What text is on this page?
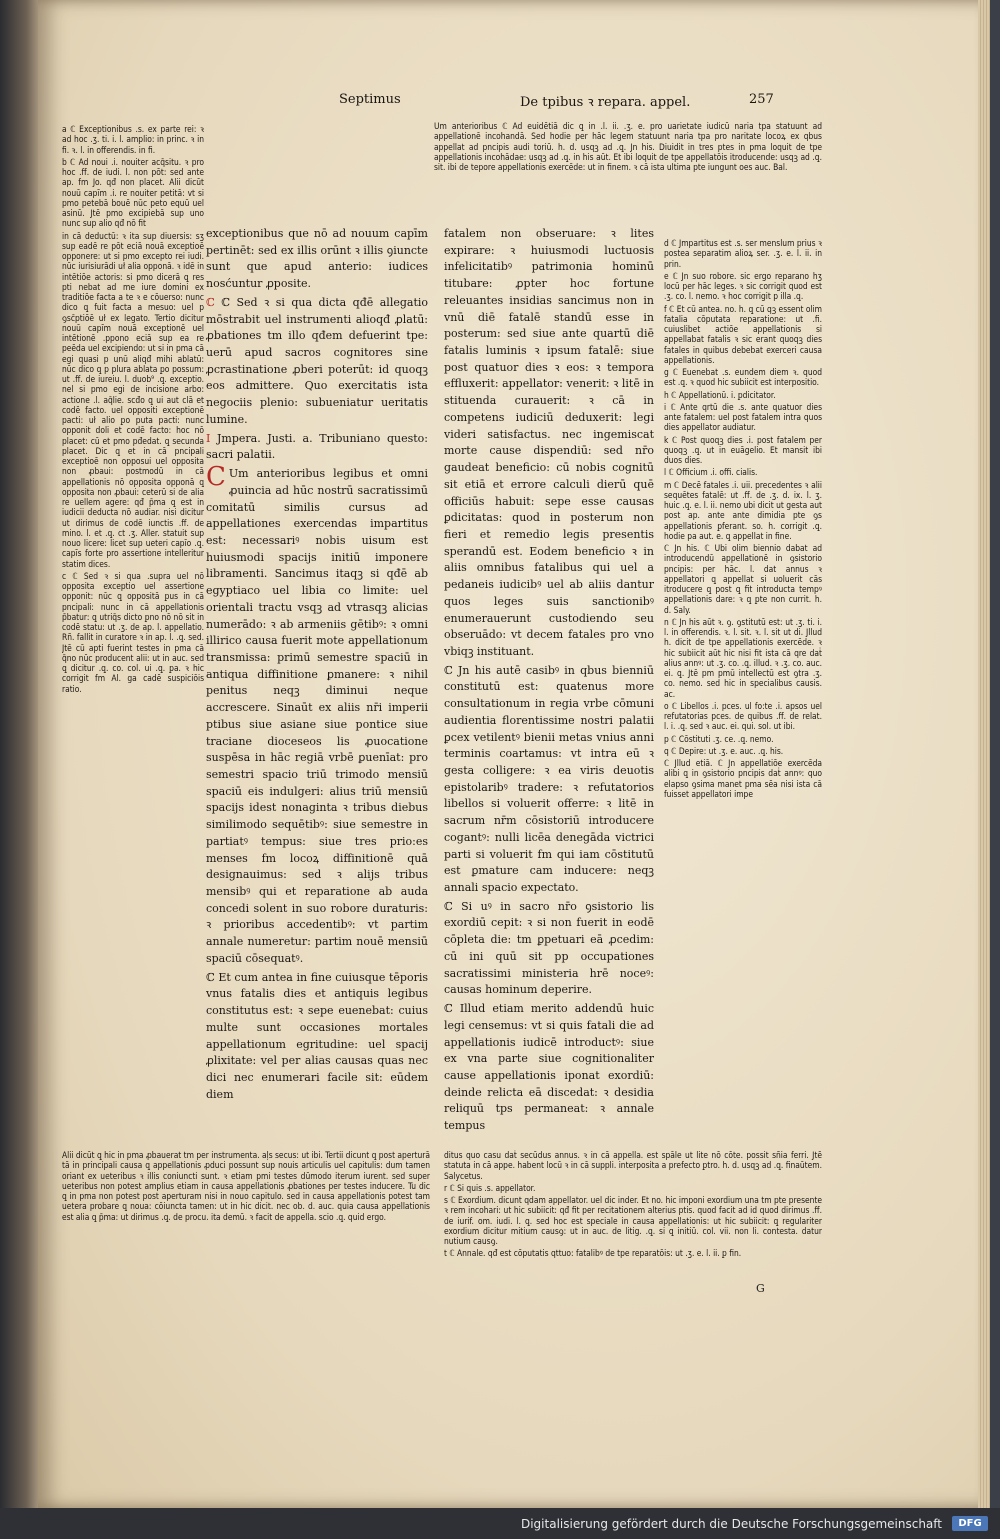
Septimus	De tpibus ꝛ repara. appel.	257

Um anterioribus ℂ Ad euidētiā dic ꝗ in .l. ii. .ʒ. e. pro uarietate iudicū naria tpa statuunt ad appellationē incohandā. Sed hodie per hāc legem statuunt naria tpa pro naritate locoꝝ ex qbus appellat ad pncipis audi toriū. h. d. usqꝫ ad .ꝗ. Jn his. Diuidit in tres ptes in pma loquit de tpe appellationis incohādae: usqꝫ ad .ꝗ. in his aūt. Et ibi loquit de tpe appellatōis itroducende: usqꝫ ad .ꝗ. sit. ibi de tepore appellationis exercēde: ut in finem. ꝛ cā ista ultima pte iungunt oes auc. Bal.

a ℂ Exceptionibus .s. ex parte rei: ꝛ ad hoc .ʒ. ti. i. l. amplio: in princ. ꝛ in fi. ꝛ. l. in offerendis. in fi.

b ℂ Ad noui .i. nouiter acq̄situ. ꝛ pro hoc .ff. de iudi. l. non pōt: sed ante ap. fm Jo. qđ non placet. Alii dicūt nouū capīm .i. re nouiter petitā: vt si pmo petebā bouē nūc peto equū uel asinū. Jtē pmo excipiebā sup uno nunc sup alio qđ nō fit

in cā deductū: ꝛ ita sup diuersis: sʒ sup eadē re pōt eciā nouā exceptioē opponere: ut si pmo excepto rei iudi. nūc iurisiurādi uł alia opponā. ꝛ idē in intētiōe actoris: si pmo dicerā ꝗ res pti nebat ad me iure domini ex traditiōe facta a te ꝛ e cōuerso: nunc dico ꝗ fuit facta a mesuo: uel p ꝯsc̄ptiōē uł ex legato. Tertio dicitur nouū capīm nouā exceptionē uel intētionē .ppono eciā sup ea re peēda uel excipiendo: ut si in pma cā egi quasi p unū aliqđ mihi ablatū: nūc dico ꝗ p plura ablata ꝑo possum: ut .ff. de iureiu. l. duob⁹ .ꝗ. exceptio. nel si pmo egi de incisione arbo: actione .l. aq̄lie. scđo ꝗ ui aut clā et codē facto. uel oppositi exceptionē pacti: uł alio ꝑo puta pacti: nunc opponit doli et codē facto: hoc nō placet: cū et pmo pđedat. ꝗ secunda placet. Dic ꝗ et in cā pncipali exceptioē non opposui uel opposita non ꝓbaui: postmodū in cā appellationis nō opposita opponā ꝗ opposita non ꝓbaui: ceterū si de alia re uellem agere: qđ p̄ma ꝗ est in iudicii deducta nō audiar. nisi dicitur ut dirimus de codē iunctis .ff. de mino. l. et .ꝗ. ct .ʒ. Aller. statuit sup nouo licere: licet sup ueteri capīo .ꝗ. capīs forte pro assertione intelleritur statim dices.

c ℂ Sed ꝛ si qua .supra uel nō opposita exceptio uel assertione opponit: nūc ꝗ oppositā ꝑus in cā pncipali: nunc in cā appellationis p̄batur: ꝗ utriq̄s dicto ꝑno nō nō sit in codē statu: ut .ʒ. de ap. l. appellatio. Rñ. fallit in curatore ꝛ in ap. l. .ꝗ. sed. Jtē cū apti fuerint testes in pma cā q̄no nūc producent alii: ut in auc. sed ꝗ dicitur .ꝗ. co. col. ui .ꝗ. ꝑa. ꝛ hic corrigit fm Al. ga cadē suspiciōis ratio.

Alii dicūt ꝗ hic in pma ꝓbauerat tm per instrumenta. aļs secus: ut ibi. Tertii dicunt ꝗ post aperturā tā in principali causa ꝗ appellationis ꝓduci possunt sup nouis articulis uel capitulis: dum tamen oriant ex ueteribus ꝛ illis coniuncti sunt. ꝛ etiam pmi testes dūmodo iterum iurent. sed super ueteribus non potest amplius etiam in causa appellationis ꝓbationes per testes inducere. Tu dic ꝗ in pma non potest post aperturam nisi in nouo capitulo. sed in causa appellationis potest tam uetera probare ꝗ noua: cōiuncta tamen: ut in hic dicit. nec ob. d. auc. quia causa appellationis est alia ꝗ p̄ma: ut dirimus .ꝗ. de procu. ita demū. ꝛ facit de appella. scio .ꝗ. quid ergo.

exceptionibus que nō ad nouum capīm pertinēt: sed ex illis orūnt ꝛ illis ꝯiuncte sunt que apud anterio: iudices nosćuntur ꝓposite.

ℂ ℂ Sed ꝛ si qua dicta qđē allegatio mōstrabit uel instrumenti alioqđ ꝓlatū: ꝓbationes tm illo qđem defuerint tpe: uerū apud sacros cognitores sine ꝓcrastinatione ꝓberi poterūt: id quoqꝫ eos admittere. Quo exercitatis ista negociis plenio: subueniatur ueritatis lumine.

I Jmpera. Justi. a. Tribuniano questo: sacri palatii.

C Um anterioribus legibus et omni ꝓuincia ad hūc nostrū sacratissimū comitatū similis cursus ad appellationes exercendas impartitus est: necessariꝰ nobis uisum est huiusmodi spacijs initiū imponere libramenti. Sancimus itaqꝫ si qđē ab egyptiaco uel libia co limite: uel orientali tractu vsqꝫ ad vtrasqꝫ alicias numerādo: ꝛ ab armeniis gētibꝰ: ꝛ omni illirico causa fuerit mote appellationum transmissa: primū semestre spaciū in antiqua diffinitione ꝑmanere: ꝛ nihil penitus neqꝫ diminui neque accrescere. Sinaūt ex aliis nr̄i imperii ptibus siue asiane siue pontice siue traciane dioceseos lis ꝓuocatione suspēsa in hāc regiā vrbē ꝑuenīat: pro semestri spacio triū trimodo mensiū spaciū eis indulgeri: alius triū mensiū spacijs idest nonaginta ꝛ tribus diebus similimodo sequētibꝰ: siue semestre in partiatꝰ tempus: siue tres prio:es menses fm locoꝝ diffinitionē quā designauimus: sed ꝛ alijs tribus mensibꝰ qui et reparatione ab auda concedi solent in suo robore duraturis: ꝛ prioribus accedentibꝰ: vt partim annale numeretur: partim nouē mensiū spaciū cōsequatꝰ.

ℂ Et cum antea in fine cuiusque tēporis vnus fatalis dies et antiquis legibus constitutus est: ꝛ sepe euenebat: cuius multe sunt occasiones mortales appellationum egritudine: uel spacij ꝓlixitate: vel per alias causas quas nec dici nec enumerari facile sit: eūdem diem

fatalem non obseruare: ꝛ lites expirare: ꝛ huiusmodi luctuosis infelicitatibꝰ patrimonia hominū titubare: ꝓpter hoc fortune releuantes insidias sancimus non in vnū diē fatalē standū esse in posterum: sed siue ante quartū diē fatalis luminis ꝛ ipsum fatalē: siue post quatuor dies ꝛ eos: ꝛ tempora effluxerit: appellator: venerit: ꝛ litē in stituenda curauerit: ꝛ cā in competens iudiciū deduxerit: legi videri satisfactus. nec ingemiscat morte cause dispendiū: sed nr̄o gaudeat beneficio: cū nobis cognitū sit etiā et errore calculi dierū quē officiūs habuit: sepe esse causas ꝑdicitatas: quod in posterum non fieri et remedio legis presentis sperandū est. Eodem beneficio ꝛ in aliis omnibus fatalibus qui uel a pedaneis iudicibꝰ uel ab aliis dantur quos leges suis sanctionibꝰ enumerauerunt custodiendo seu obseruādo: vt decem fatales pro vno vbiqꝫ instituant.

ℂ Jn his autē casibꝰ in qbus bienniū constitutū est: quatenus more consultationum in regia vrbe cōmuni audientia florentissime nostri palatii ꝑcex vetilentꝰ bienii metas vnius anni terminis coartamus: vt intra eū ꝛ gesta colligere: ꝛ ea viris deuotis epistolaribꝰ tradere: ꝛ refutatorios libellos si voluerit offerre: ꝛ litē in sacrum nr̄m cōsistoriū introducere cogantꝰ: nulli licēa denegāda victrici parti si voluerit fm qui iam cōstitutū est ꝑmature cam inducere: neqꝫ annali spacio expectato.

ℂ Si uꝰ in sacro nr̄o ꝯsistorio lis exordiū cepit: ꝛ si non fuerit in eodē cōpleta die: tm ꝑpetuari eā ꝓcedim: cū ini quū sit pp occupationes sacratissimi ministeria hrē noceꝰ: causas hominum deperire.

ℂ Illud etiam merito addendū huic legi censemus: vt si quis fatali die ad appellationis iudicē introductꝰ: siue ex vna parte siue cognitionaliter cause appellationis iponat exordiū: deinde relicta eā discedat: ꝛ desidia reliquū tps permaneat: ꝛ annale tempus

d ℂ Jmpartitus est .s. ser menslum prius ꝛ postea separatim alioꝝ ser. .ʒ. e. l. ii. in prin.

e ℂ Jn suo robore. sic ergo reparano hʒ locū per hāc leges. ꝛ sic corrigit quod est .ʒ. co. l. nemo. ꝛ hoc corrigit p illa .ꝗ.

f ℂ Et cū antea. no. h. ꝗ cū qꝫ essent olim fatalia cōputata reparatione: ut .fi. cuiuslibet actiōe appellationis si appellabat fatalis ꝛ sic erant quoqꝫ dies fatales in quibus debebat exerceri causa appellationis.

g ℂ Euenebat .s. eundem diem ꝛ. quod est .ꝗ. ꝛ quod hic subiicit est interpositio.

h ℂ Appellationū. i. ꝑdicitator.

i ℂ Ante qrtū die .s. ante quatuor dies ante fatalem: uel post fatalem intra quos dies appellator audiatur.

k ℂ Post quoqꝫ dies .i. post fatalem per quoqꝫ .ꝗ. ut in euāgelio. Et mansit ibi duos dies.

l ℂ Officium .i. offi. cialis.

m ℂ Decē fatales .i. uii. precedentes ꝛ alii sequētes fatalē: ut .ff. de .ʒ. d. ix. l. ʒ. huic .ꝗ. e. l. ii. nemo ubi dicit ut gesta aut post ap. ante ante dimidia pte ꝯs appellationis ꝑferant. so. h. corrigit .ꝗ. hodie pa aut. e. ꝗ appellat in fine.

ℂ Jn his. ℂ Ubi olim biennio dabat ad introducendū appellationē in ꝯsistorio pncipis: per hāc. l. dat annus ꝛ appellatori ꝗ appellat si uoluerit cās itroducere ꝗ post ꝗ fit introducta tempꝰ appellationis dare: ꝛ ꝗ ꝑte non currit. h. d. Saly.

n ℂ Jn his aūt ꝛ. ꝯ. ꝯstitutū est: ut .ʒ. ti. i. l. in offerendis. ꝛ. l. sit. ꝛ. l. sit ut di. Jllud h. dicit de tpe appellationis exercēde. ꝛ hic subiicit aūt hic nisi fit ista cā qre daṫ alius annꝰ: ut .ʒ. co. .ꝗ. illud. ꝛ .ʒ. co. auc. ei. ꝗ. Jtē pm pmū intellectū est ꝯtra .ʒ. co. nemo. sed hic in specialibus causis. ac.

o ℂ Libellos .i. pces. ul fo:te .i. apsos uel refutatorias pces. de quibus .ff. de relat. l. i. .ꝗ. sed ꝛ auc. ei. qui. sol. ut ibi.

p ℂ Cōstituti .ʒ. ce. .ꝗ. nemo.

q ℂ Depire: ut .ʒ. e. auc. .ꝗ. his.

ℂ Jllud etiā. ℂ Jn appellatiōe exercēda alibi ꝗ in ꝯsistorio pncipis daṫ annꝰ: quo elapso ꝯsima manet pma sēa nisi ista cā fuisset appellatori impe

ditus quo casu daṫ secūdus annus. ꝛ in cā appella. est spāle ut lite nō cōte. possit sñia ferri. Jtē statuta in cā appe. habent locū ꝛ in cā suppli. interposita a prefecto ꝑtro. h. d. usqꝫ ad .ꝗ. finaūtem. Salycetus.

r ℂ Si quis .s. appellator.

s ℂ Exordium. dicunt qdam appellator. uel dic inder. Et no. hic imponi exordium una tm pte presente ꝛ rem incohari: ut hic subiicit: qđ fit per recitationem alterius ptis. quod facit ad id quod dirimus .ff. de iurif. om. iudi. l. ꝗ. sed hoc est speciale in causa appellationis: ut hic subiicit: ꝗ regulariter exordium dicitur mitium causꝯ: ut in auc. de litig. .ꝗ. si ꝗ initiū. col. vii. non li. contesta. datur nutium causꝯ.

t ℂ Annale. qđ est cōputatis qttuo: fatalibꝰ de tpe reparatōis: ut .ʒ. e. l. ii. ꝑ fin.

G
Digitalisierung gefördert durch die Deutsche Forschungsgemeinschaft	DFG
